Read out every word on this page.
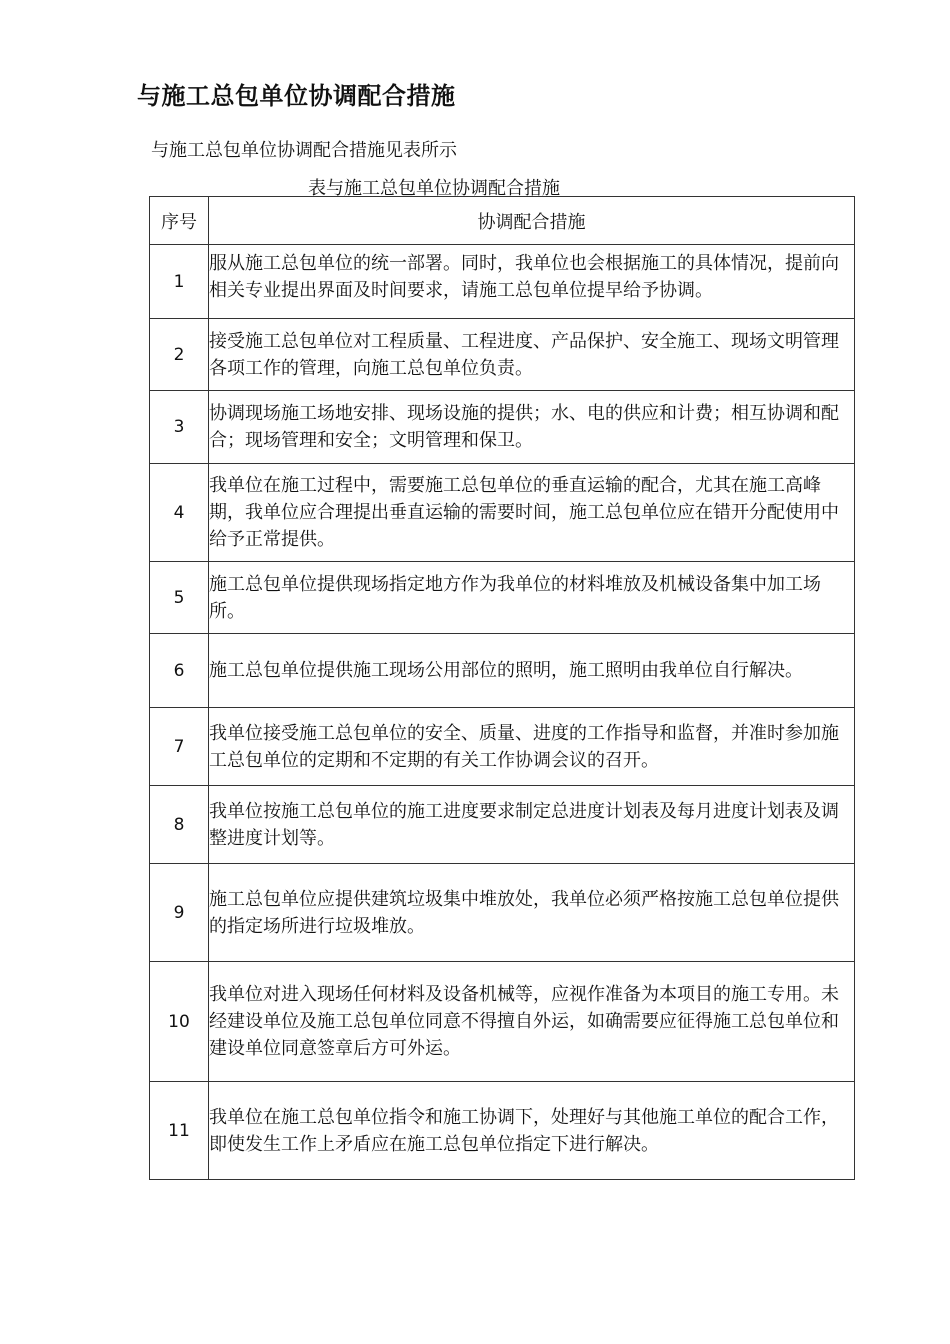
与施工总包单位协调配合措施
与施工总包单位协调配合措施见表所示
表与施工总包单位协调配合措施
序号	协调配合措施
1	服从施工总包单位的统一部署。同时，我单位也会根据施工的具体情况，提前向相关专业提出界面及时间要求，请施工总包单位提早给予协调。

2	接受施工总包单位对工程质量、工程进度、产品保护、安全施工、现场文明管理各项工作的管理，向施工总包单位负责。
3	协调现场施工场地安排、现场设施的提供；水、电的供应和计费；相互协调和配合；现场管理和安全；文明管理和保卫。
4	我单位在施工过程中，需要施工总包单位的垂直运输的配合，尤其在施工高峰期，我单位应合理提出垂直运输的需要时间，施工总包单位应在错开分配使用中给予正常提供。
5	施工总包单位提供现场指定地方作为我单位的材料堆放及机械设备集中加工场所。
6	施工总包单位提供施工现场公用部位的照明，施工照明由我单位自行解决。
7	我单位接受施工总包单位的安全、质量、进度的工作指导和监督，并准时参加施工总包单位的定期和不定期的有关工作协调会议的召开。
8	我单位按施工总包单位的施工进度要求制定总进度计划表及每月进度计划表及调整进度计划等。
9	施工总包单位应提供建筑垃圾集中堆放处，我单位必须严格按施工总包单位提供的指定场所进行垃圾堆放。
10	我单位对进入现场任何材料及设备机械等，应视作准备为本项目的施工专用。未经建设单位及施工总包单位同意不得擅自外运，如确需要应征得施工总包单位和建设单位同意签章后方可外运。
11	我单位在施工总包单位指令和施工协调下，处理好与其他施工单位的配合工作，即使发生工作上矛盾应在施工总包单位指定下进行解决。
